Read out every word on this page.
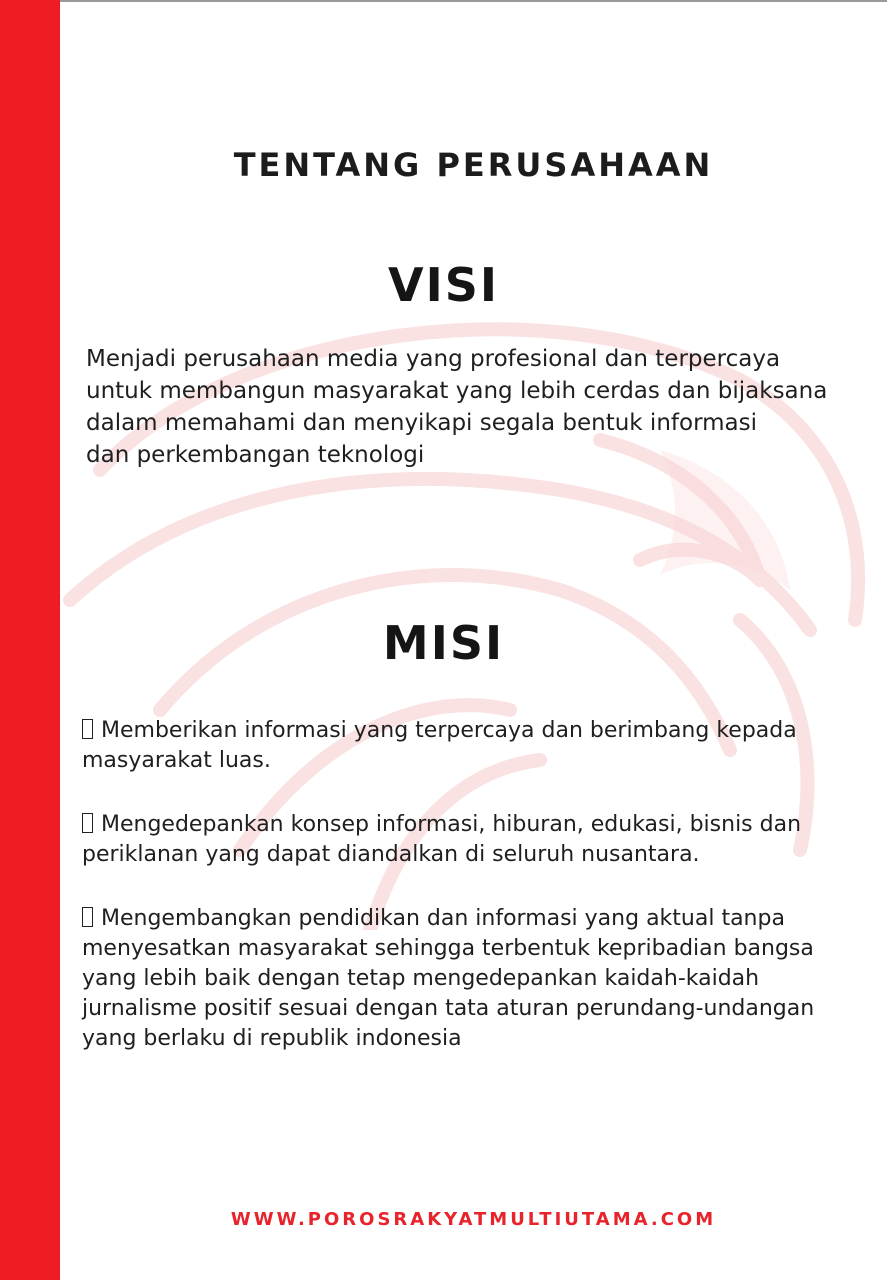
TENTANG PERUSAHAAN
VISI
Menjadi perusahaan media yang profesional dan terpercaya
untuk membangun masyarakat yang lebih cerdas dan bijaksana
dalam memahami dan menyikapi segala bentuk informasi
dan perkembangan teknologi
MISI
Memberikan informasi yang terpercaya dan berimbang kepada
masyarakat luas.
Mengedepankan konsep informasi, hiburan, edukasi, bisnis dan
periklanan yang dapat diandalkan di seluruh nusantara.
Mengembangkan pendidikan dan informasi yang aktual tanpa
menyesatkan masyarakat sehingga terbentuk kepribadian bangsa
yang lebih baik dengan tetap mengedepankan kaidah-kaidah
jurnalisme positif sesuai dengan tata aturan perundang-undangan
yang berlaku di republik indonesia
WWW.POROSRAKYATMULTIUTAMA.COM
